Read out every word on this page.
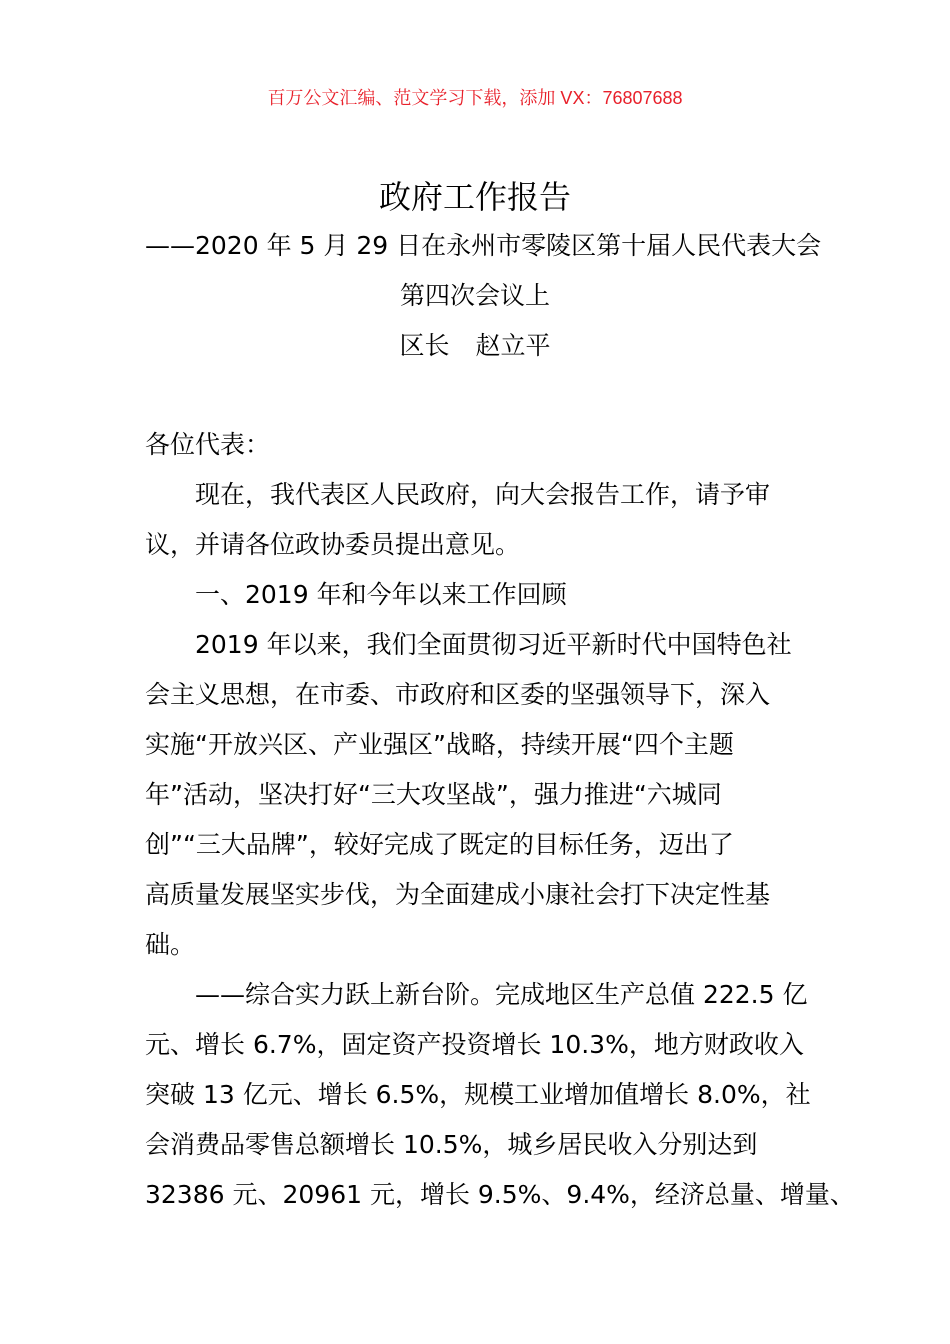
百万公文汇编、范文学习下载，添加 VX：76807688
政府工作报告
——2020 年 5 月 29 日在永州市零陵区第十届人民代表大会
第四次会议上
区长 赵立平
各位代表：
现在，我代表区人民政府，向大会报告工作，请予审
议，并请各位政协委员提出意见。
一、2019 年和今年以来工作回顾
2019 年以来，我们全面贯彻习近平新时代中国特色社
会主义思想，在市委、市政府和区委的坚强领导下，深入
实施“开放兴区、产业强区”战略，持续开展“四个主题
年”活动，坚决打好“三大攻坚战”，强力推进“六城同
创”“三大品牌”，较好完成了既定的目标任务，迈出了
高质量发展坚实步伐，为全面建成小康社会打下决定性基
础。
——综合实力跃上新台阶。完成地区生产总值 222.5 亿
元、增长 6.7%，固定资产投资增长 10.3%，地方财政收入
突破 13 亿元、增长 6.5%，规模工业增加值增长 8.0%，社
会消费品零售总额增长 10.5%，城乡居民收入分别达到
32386 元、20961 元，增长 9.5%、9.4%，经济总量、增量、
